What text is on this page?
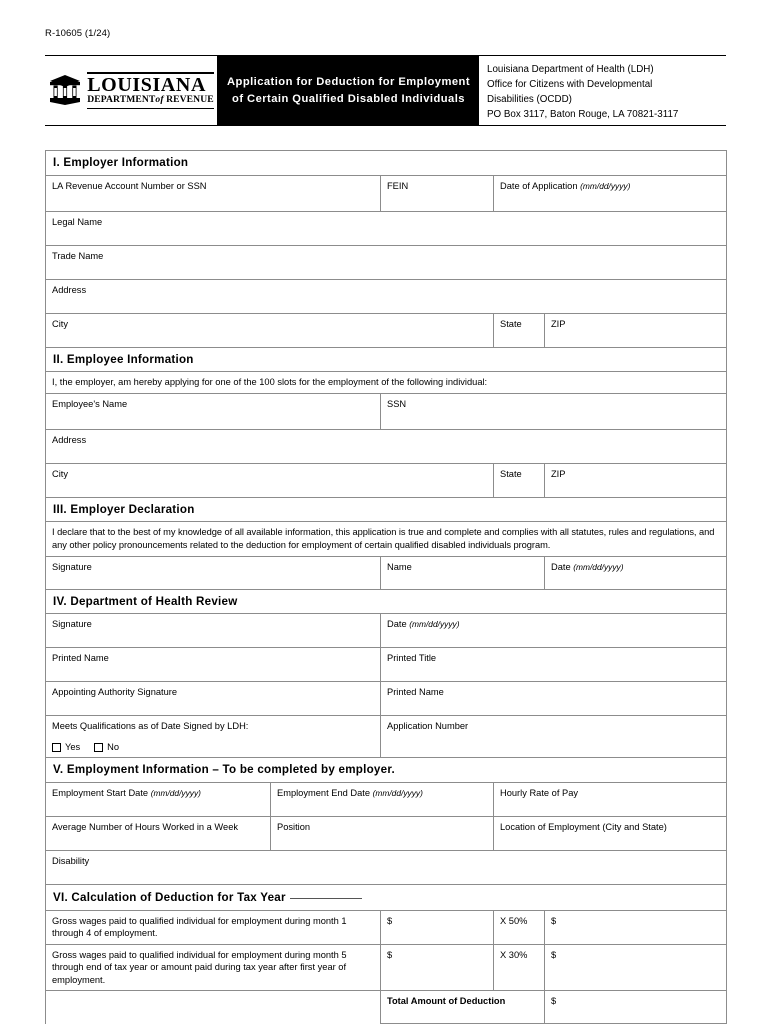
R-10605 (1/24)
LOUISIANA
DEPARTMENTof REVENUE
Application for Deduction for Employment
of Certain Qualified Disabled Individuals
Louisiana Department of Health (LDH)
Office for Citizens with Developmental
Disabilities (OCDD)
PO Box 3117, Baton Rouge, LA 70821-3117
I. Employer Information				
LA Revenue Account Number or SSN		FEIN	Date of Application (mm/dd/yyyy)	
Legal Name				
Trade Name				
Address				
City			State	ZIP
II. Employee Information				
I, the employer, am hereby applying for one of the 100 slots for the employment of the following individual:				
Employee's Name		SSN		
Address				
City			State	ZIP
III. Employer Declaration				
I declare that to the best of my knowledge of all available information, this application is true and complete and complies with all statutes, rules and regulations, and any other policy pronouncements related to the deduction for employment of certain qualified disabled individuals program.				
Signature		Name		Date (mm/dd/yyyy)
IV. Department of Health Review				
Signature		Date (mm/dd/yyyy)		
Printed Name		Printed Title		
Appointing Authority Signature		Printed Name		
Meets Qualifications as of Date Signed by LDH:
Yes No		Application Number		
V. Employment Information – To be completed by employer.				
Employment Start Date (mm/dd/yyyy)	Employment End Date (mm/dd/yyyy)		Hourly Rate of Pay	
Average Number of Hours Worked in a Week	Position		Location of Employment (City and State)	
Disability				
VI. Calculation of Deduction for Tax Year				
Gross wages paid to qualified individual for employment during month 1 through 4 of employment.		$	X 50%	$
Gross wages paid to qualified individual for employment during month 5 through end of tax year or amount paid during tax year after first year of employment.		$	X 30%	$
		Total Amount of Deduction		$
